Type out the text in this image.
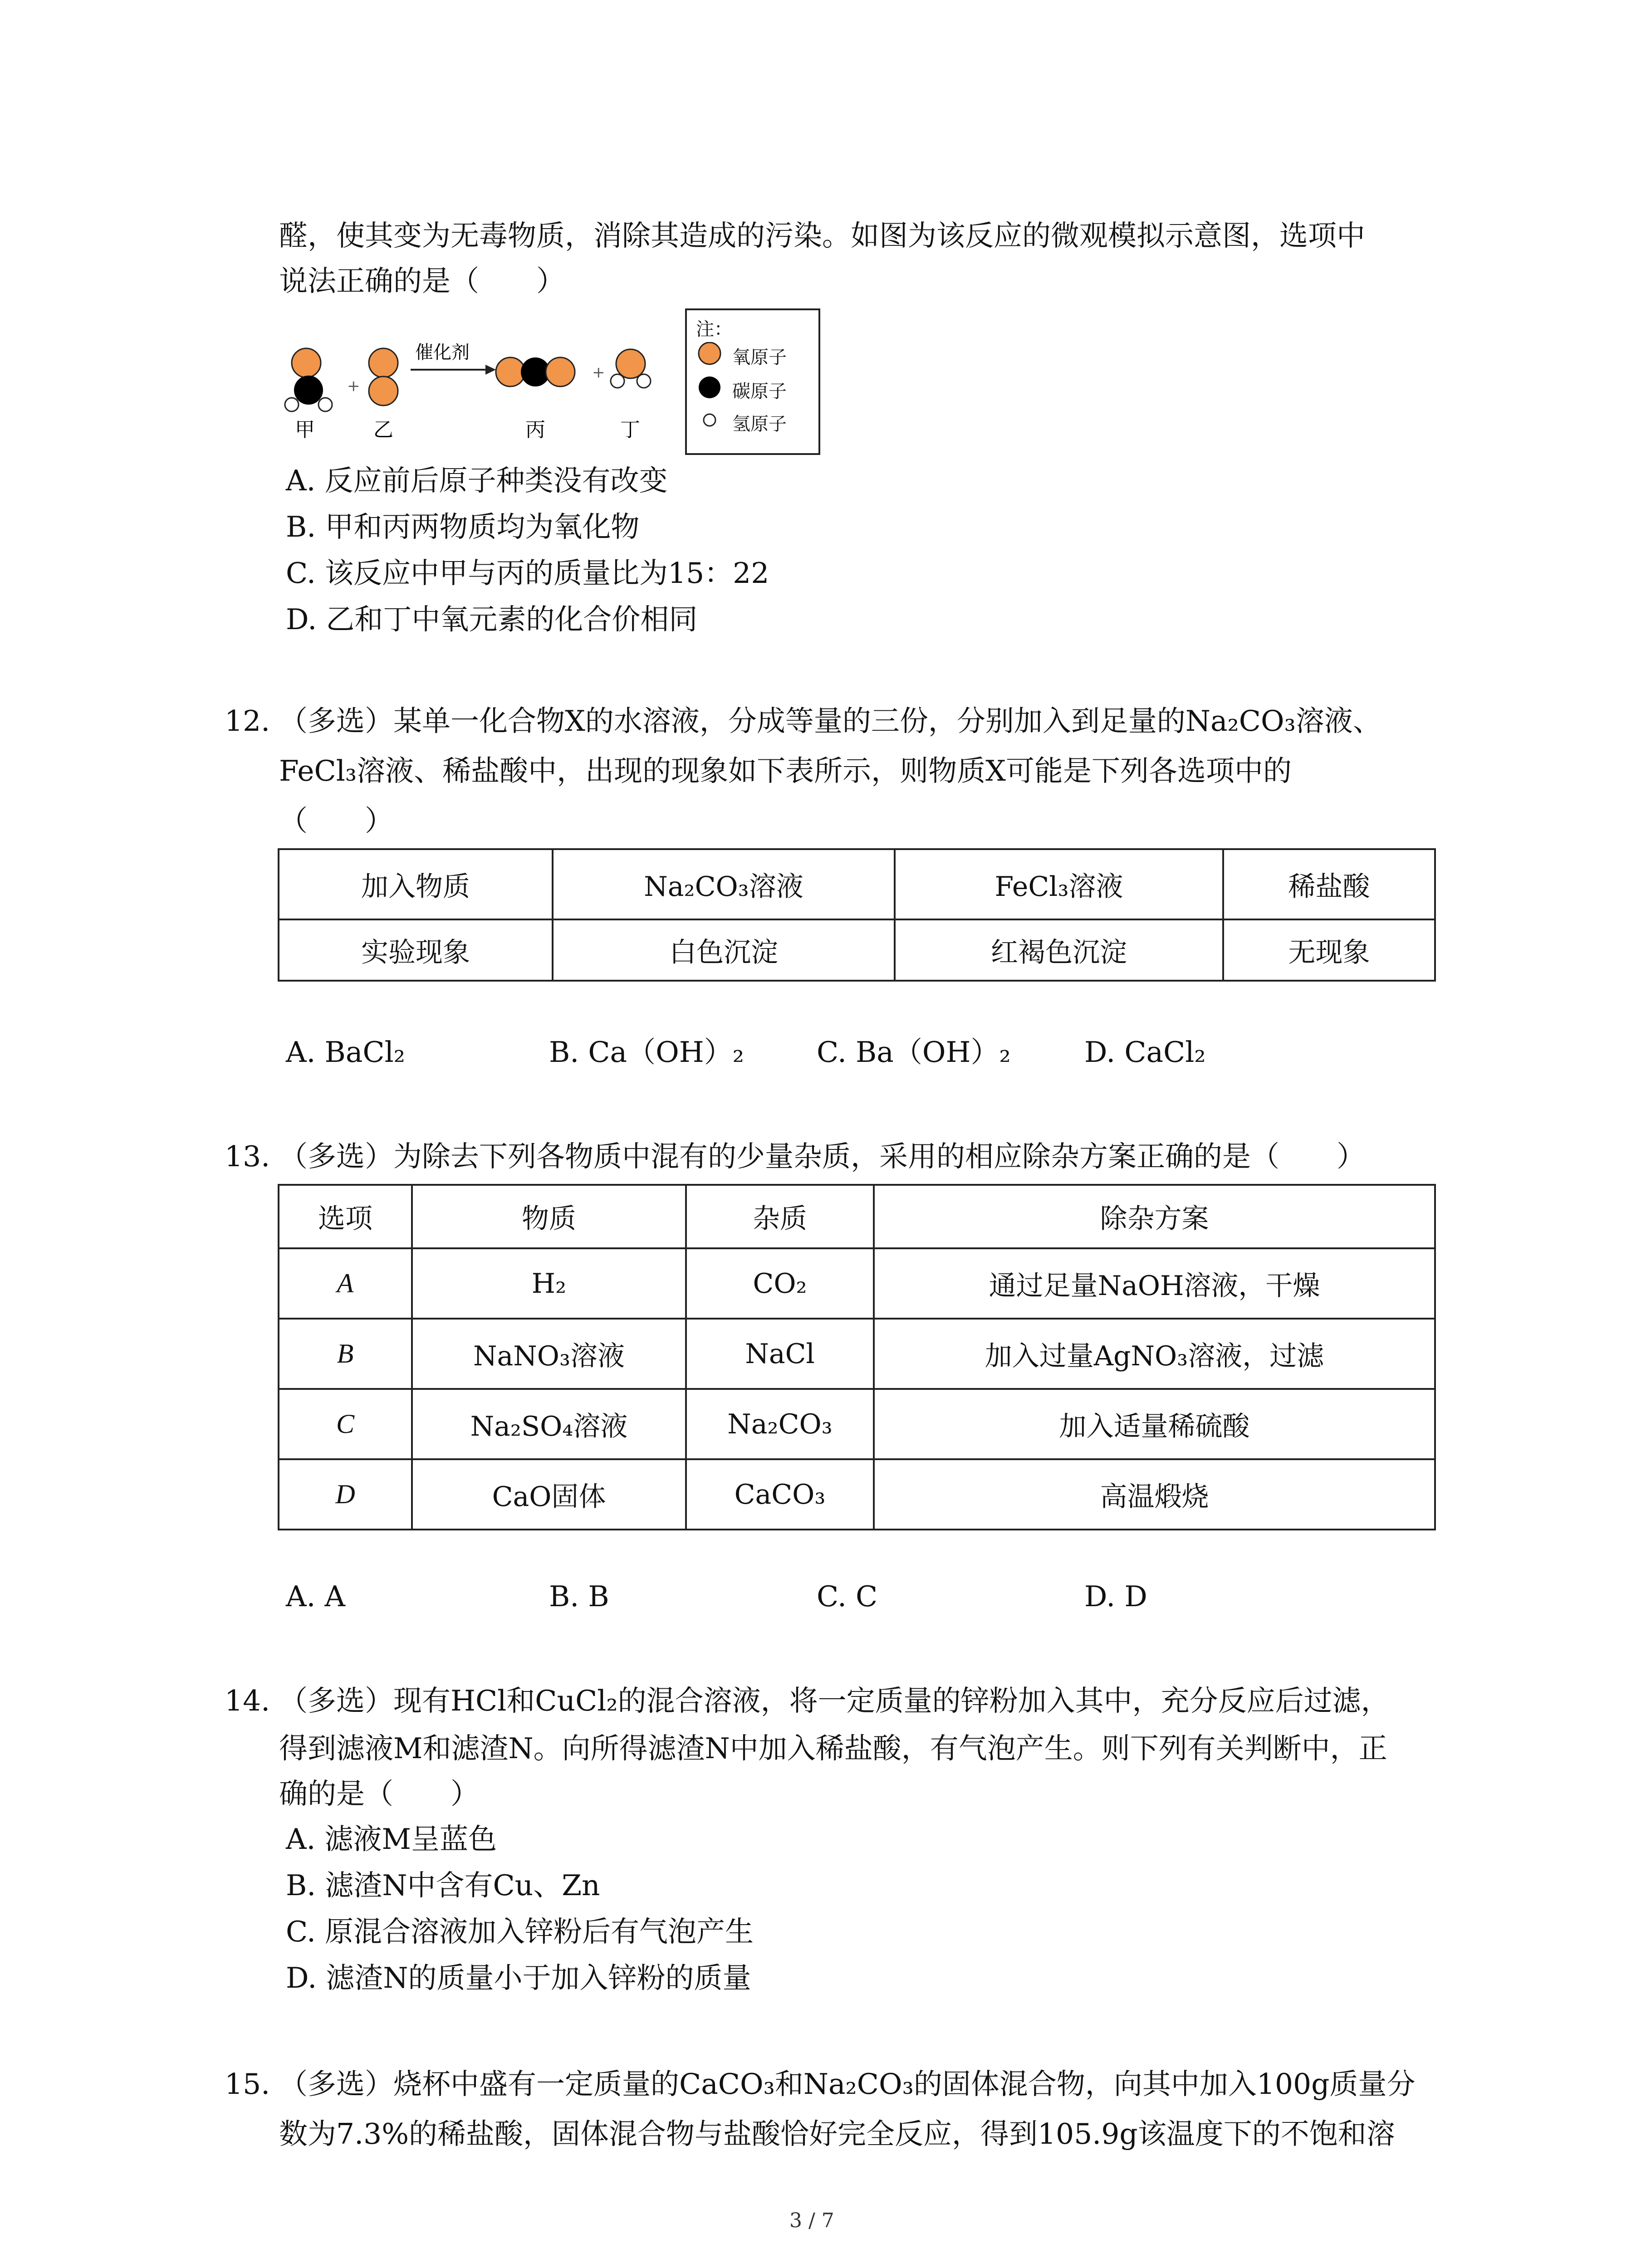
醛，使其变为无毒物质，消除其造成的污染。如图为该反应的微观模拟示意图，选项中
说法正确的是（　　）
+
催化剂
+
甲	乙	丙	丁
注：
氧原子
碳原子
氢原子
A. 反应前后原子种类没有改变
B. 甲和丙两物质均为氧化物
C. 该反应中甲与丙的质量比为15：22
D. 乙和丁中氧元素的化合价相同
12. （多选）某单一化合物X的水溶液，分成等量的三份，分别加入到足量的Na₂CO₃溶液、
FeCl₃溶液、稀盐酸中，出现的现象如下表所示，则物质X可能是下列各选项中的
（　　）
加入物质	Na₂CO₃溶液	FeCl₃溶液	稀盐酸
实验现象	白色沉淀	红褐色沉淀	无现象
A. BaCl₂	B. Ca（OH）₂	C. Ba（OH）₂	D. CaCl₂
13. （多选）为除去下列各物质中混有的少量杂质，采用的相应除杂方案正确的是（　　）
选项	物质	杂质	除杂方案
A	H₂	CO₂	通过足量NaOH溶液，干燥
B	NaNO₃溶液	NaCl	加入过量AgNO₃溶液，过滤
C	Na₂SO₄溶液	Na₂CO₃	加入适量稀硫酸
D	CaO固体	CaCO₃	高温煅烧
A. A	B. B	C. C	D. D
14. （多选）现有HCl和CuCl₂的混合溶液，将一定质量的锌粉加入其中，充分反应后过滤，
得到滤液M和滤渣N。向所得滤渣N中加入稀盐酸，有气泡产生。则下列有关判断中，正
确的是（　　）
A. 滤液M呈蓝色
B. 滤渣N中含有Cu、Zn
C. 原混合溶液加入锌粉后有气泡产生
D. 滤渣N的质量小于加入锌粉的质量
15. （多选）烧杯中盛有一定质量的CaCO₃和Na₂CO₃的固体混合物，向其中加入100g质量分
数为7.3%的稀盐酸，固体混合物与盐酸恰好完全反应，得到105.9g该温度下的不饱和溶
3 / 7
